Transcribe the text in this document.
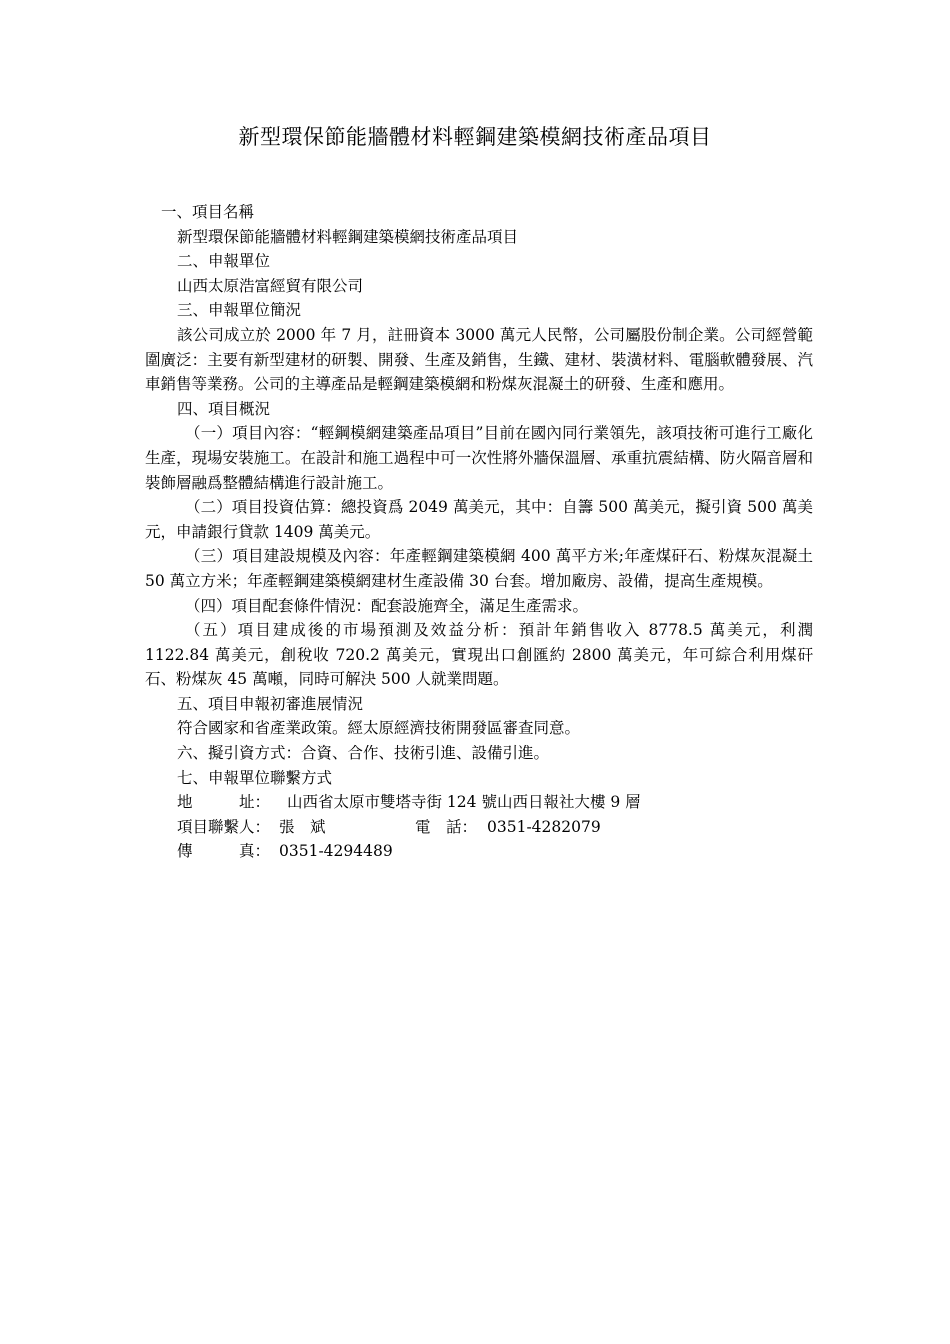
新型環保節能牆體材料輕鋼建築模網技術產品項目
一、項目名稱
新型環保節能牆體材料輕鋼建築模網技術產品項目
二、申報單位
山西太原浩富經貿有限公司
三、申報單位簡況

該公司成立於 2000 年 7 月，註冊資本 3000 萬元人民幣，公司屬股份制企業。公司經營範圍廣泛：主要有新型建材的研製、開發、生產及銷售，生鐵、建材、裝潢材料、電腦軟體發展、汽車銷售等業務。公司的主導產品是輕鋼建築模網和粉煤灰混凝土的研發、生產和應用。

四、項目概況

（一）項目內容：“輕鋼模網建築產品項目”目前在國內同行業領先，該項技術可進行工廠化生產，現場安裝施工。在設計和施工過程中可一次性將外牆保溫層、承重抗震結構、防火隔音層和裝飾層融爲整體結構進行設計施工。

（二）項目投資估算：總投資爲 2049 萬美元，其中：自籌 500 萬美元，擬引資 500 萬美元，申請銀行貸款 1409 萬美元。

（三）項目建設規模及內容：年產輕鋼建築模網 400 萬平方米;年產煤矸石、粉煤灰混凝土 50 萬立方米；年產輕鋼建築模網建材生產設備 30 台套。增加廠房、設備，提高生產規模。

（四）項目配套條件情況：配套設施齊全，滿足生產需求。

（五）項目建成後的市場預測及效益分析：預計年銷售收入 8778.5 萬美元，利潤 1122.84 萬美元，創稅收 720.2 萬美元，實現出口創匯約 2800 萬美元，年可綜合利用煤矸石、粉煤灰 45 萬噸，同時可解決 500 人就業問題。

五、項目申報初審進展情況
符合國家和省產業政策。經太原經濟技術開發區審查同意。
六、擬引資方式：合資、合作、技術引進、設備引進。
七、申報單位聯繫方式
地　　　址： 山西省太原市雙塔寺街 124 號山西日報社大樓 9 層
項目聯繫人： 張　斌	電　話： 0351-4282079
傳　　　真： 0351-4294489
